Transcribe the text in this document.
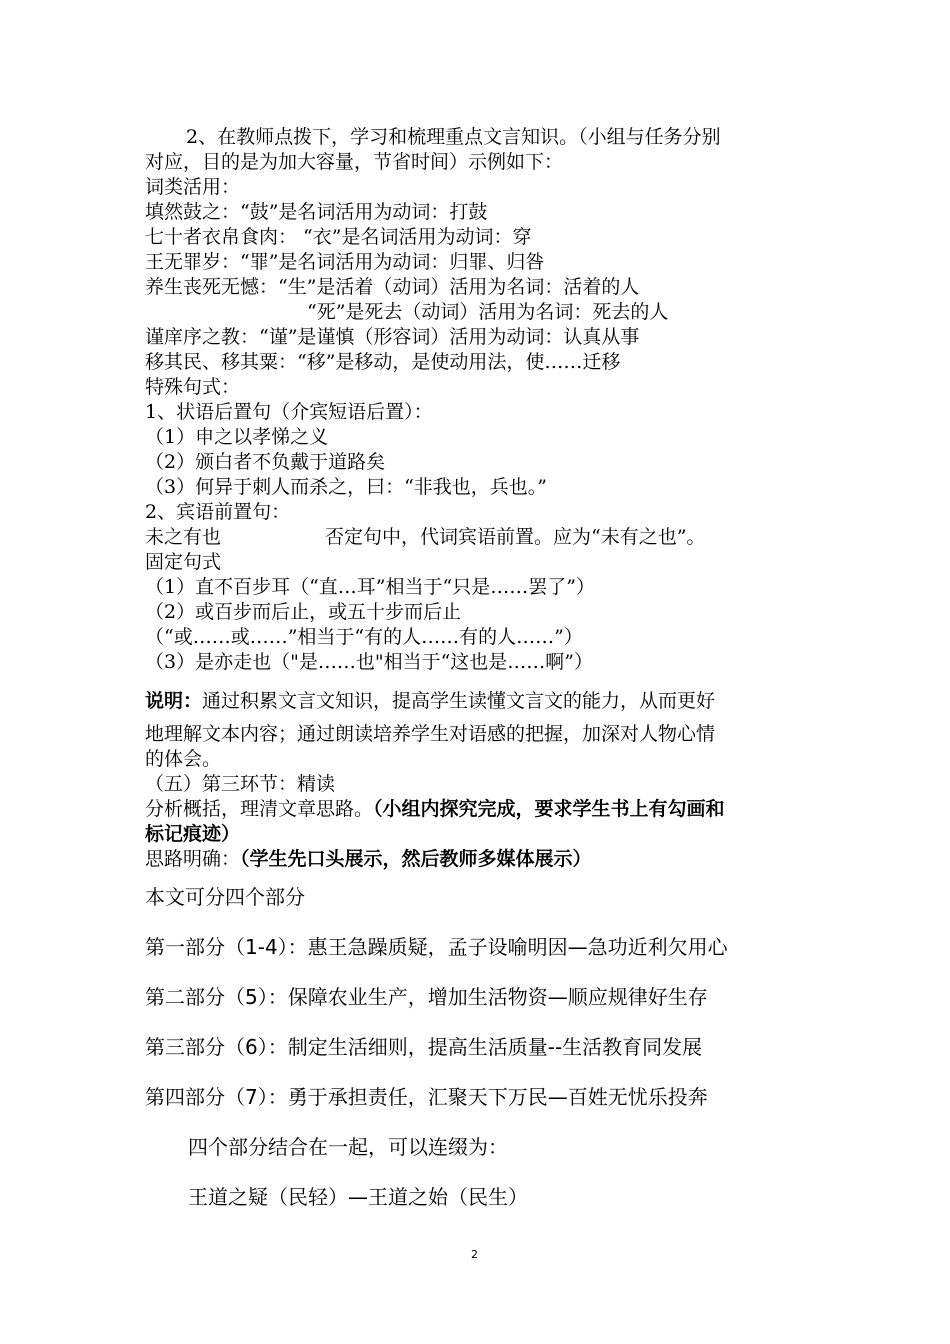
2、在教师点拨下，学习和梳理重点文言知识。（小组与任务分别
对应，目的是为加大容量，节省时间）示例如下：
词类活用：
填然鼓之：“鼓”是名词活用为动词：打鼓
七十者衣帛食肉： “衣”是名词活用为动词：穿
王无罪岁：“罪”是名词活用为动词：归罪、归咎
养生丧死无憾：“生”是活着（动词）活用为名词：活着的人
“死”是死去（动词）活用为名词：死去的人
谨庠序之教：“谨”是谨慎（形容词）活用为动词：认真从事
移其民、移其粟：“移”是移动，是使动用法，使……迁移
特殊句式：
1、状语后置句（介宾短语后置）：
（1）申之以孝悌之义
（2）颁白者不负戴于道路矣
（3）何异于刺人而杀之，曰：“非我也，兵也。”
2、宾语前置句：
未之有也	否定句中，代词宾语前置。应为“未有之也”。
固定句式
（1）直不百步耳（“直…耳”相当于“只是……罢了”）
（2）或百步而后止，或五十步而后止
（“或……或……”相当于“有的人……有的人……”）
（3）是亦走也（"是……也"相当于“这也是……啊”）
说明：通过积累文言文知识，提高学生读懂文言文的能力，从而更好
地理解文本内容；通过朗读培养学生对语感的把握，加深对人物心情
的体会。
（五）第三环节：精读
分析概括，理清文章思路。（小组内探究完成，要求学生书上有勾画和
标记痕迹）
思路明确：（学生先口头展示，然后教师多媒体展示）
本文可分四个部分
第一部分（1-4）：惠王急躁质疑，孟子设喻明因—急功近利欠用心
第二部分（5）：保障农业生产，增加生活物资—顺应规律好生存
第三部分（6）：制定生活细则，提高生活质量--生活教育同发展
第四部分（7）：勇于承担责任，汇聚天下万民—百姓无忧乐投奔
四个部分结合在一起，可以连缀为：
王道之疑（民轻）—王道之始（民生）
2
